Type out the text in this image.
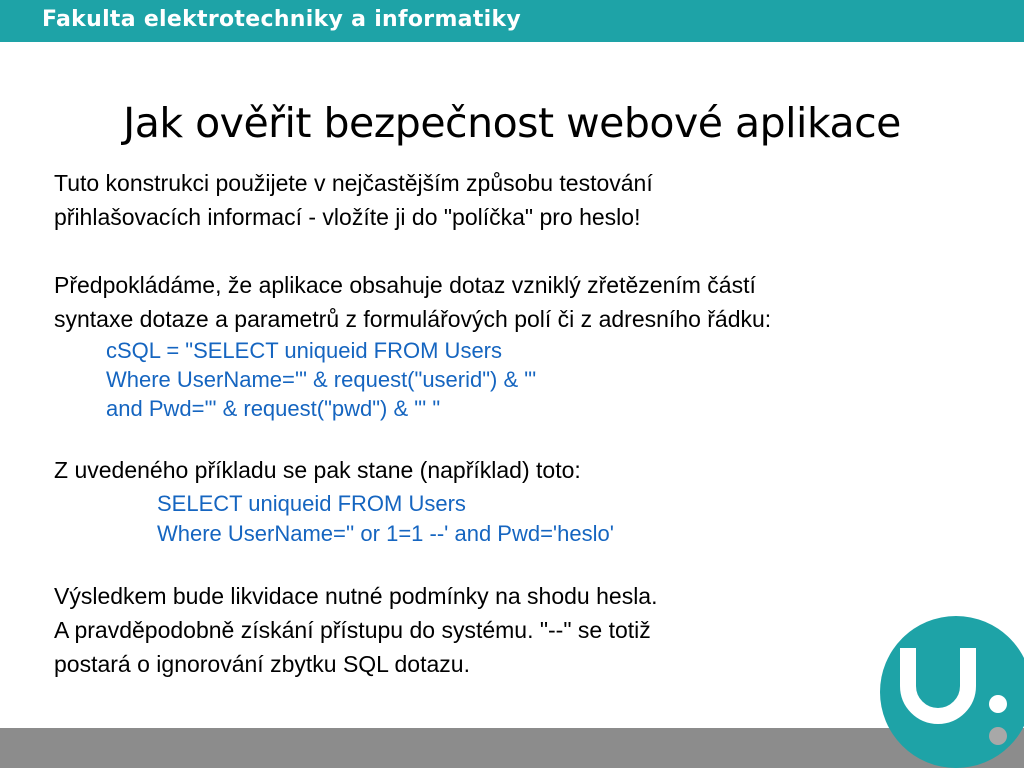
Fakulta elektrotechniky a informatiky
Jak ověřit bezpečnost webové aplikace
Tuto konstrukci použijete v nejčastějším způsobu testování
přihlašovacích informací - vložíte ji do "políčka" pro heslo!
Předpokládáme, že aplikace obsahuje dotaz vzniklý zřetězením částí
syntaxe dotaze a parametrů z formulářových polí či z adresního řádku:
cSQL = "SELECT uniqueid FROM Users
Where UserName='" & request("userid") & "'
and Pwd='" & request("pwd") & "' "
Z uvedeného příkladu se pak stane (například) toto:
SELECT uniqueid FROM Users
Where UserName='' or 1=1 --' and Pwd='heslo'
Výsledkem bude likvidace nutné podmínky na shodu hesla.
A pravděpodobně získání přístupu do systému. "--" se totiž
postará o ignorování zbytku SQL dotazu.
